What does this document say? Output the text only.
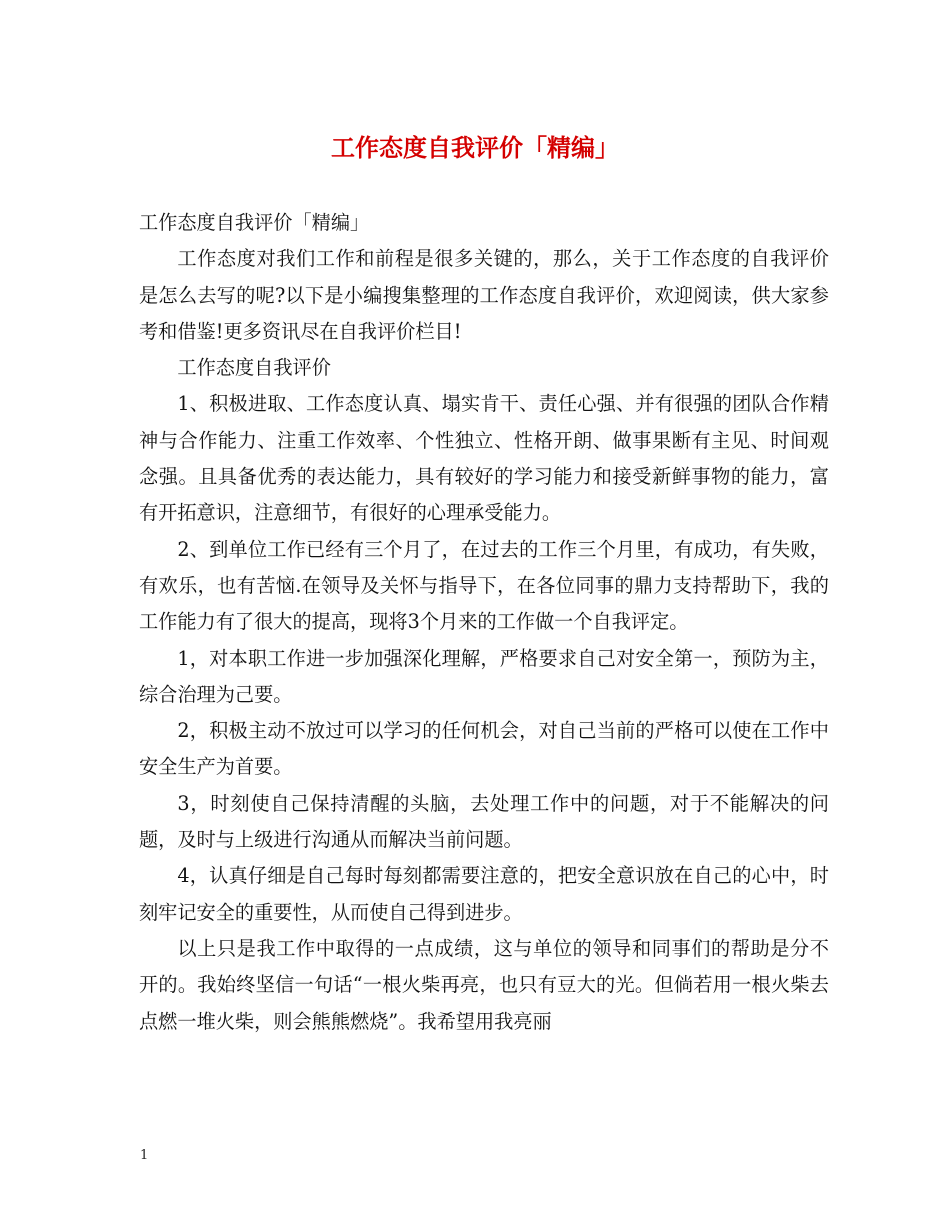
工作态度自我评价「精编」

工作态度自我评价「精编」

工作态度对我们工作和前程是很多关键的，那么，关于工作态度的自我评价是怎么去写的呢?以下是小编搜集整理的工作态度自我评价，欢迎阅读，供大家参考和借鉴!更多资讯尽在自我评价栏目!

工作态度自我评价

1、积极进取、工作态度认真、塌实肯干、责任心强、并有很强的团队合作精神与合作能力、注重工作效率、个性独立、性格开朗、做事果断有主见、时间观念强。且具备优秀的表达能力，具有较好的学习能力和接受新鲜事物的能力，富有开拓意识，注意细节，有很好的心理承受能力。

2、到单位工作已经有三个月了，在过去的工作三个月里，有成功，有失败，有欢乐，也有苦恼.在领导及关怀与指导下，在各位同事的鼎力支持帮助下，我的工作能力有了很大的提高，现将3个月来的工作做一个自我评定。

1，对本职工作进一步加强深化理解，严格要求自己对安全第一，预防为主，综合治理为己要。

2，积极主动不放过可以学习的任何机会，对自己当前的严格可以使在工作中安全生产为首要。

3，时刻使自己保持清醒的头脑，去处理工作中的问题，对于不能解决的问题，及时与上级进行沟通从而解决当前问题。

4，认真仔细是自己每时每刻都需要注意的，把安全意识放在自己的心中，时刻牢记安全的重要性，从而使自己得到进步。

以上只是我工作中取得的一点成绩，这与单位的领导和同事们的帮助是分不开的。我始终坚信一句话“一根火柴再亮，也只有豆大的光。但倘若用一根火柴去点燃一堆火柴，则会熊熊燃烧”。我希望用我亮丽

1
